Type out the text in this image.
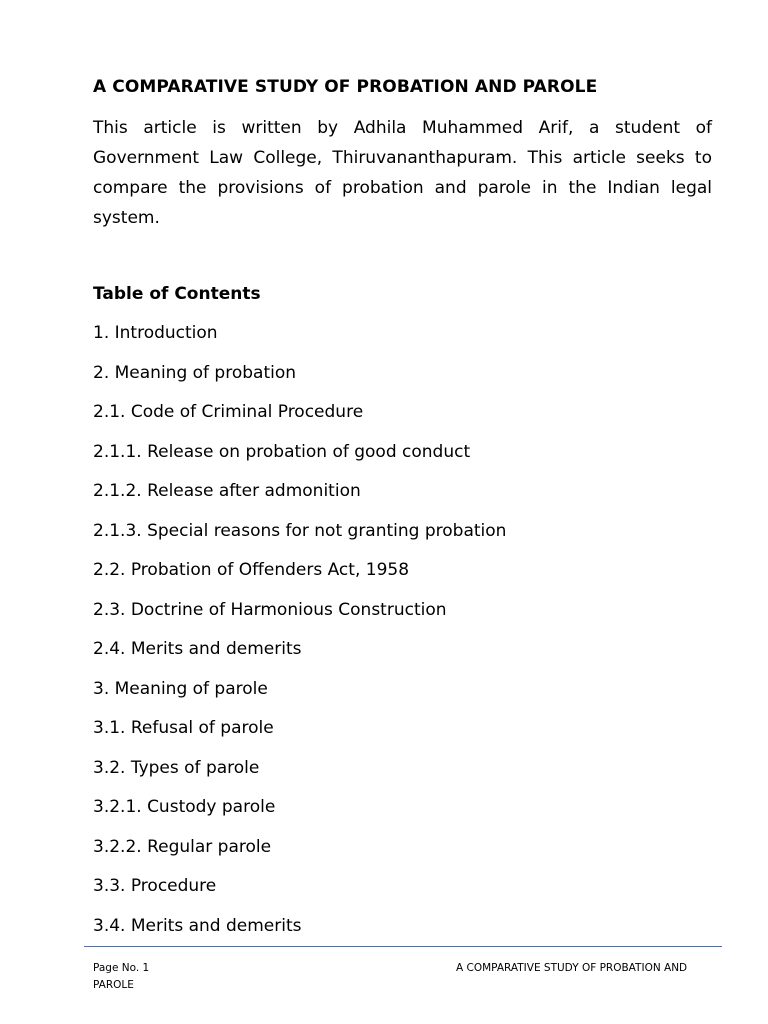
A COMPARATIVE STUDY OF PROBATION AND PAROLE

This article is written by Adhila Muhammed Arif, a student of Government Law College, Thiruvananthapuram. This article seeks to compare the provisions of probation and parole in the Indian legal system.

Table of Contents
1. Introduction
2. Meaning of probation
2.1. Code of Criminal Procedure
2.1.1. Release on probation of good conduct
2.1.2. Release after admonition
2.1.3. Special reasons for not granting probation
2.2. Probation of Offenders Act, 1958
2.3. Doctrine of Harmonious Construction
2.4. Merits and demerits
3. Meaning of parole
3.1. Refusal of parole
3.2. Types of parole
3.2.1. Custody parole
3.2.2. Regular parole
3.3. Procedure
3.4. Merits and demerits
Page No. 1	A COMPARATIVE STUDY OF PROBATION AND
PAROLE
